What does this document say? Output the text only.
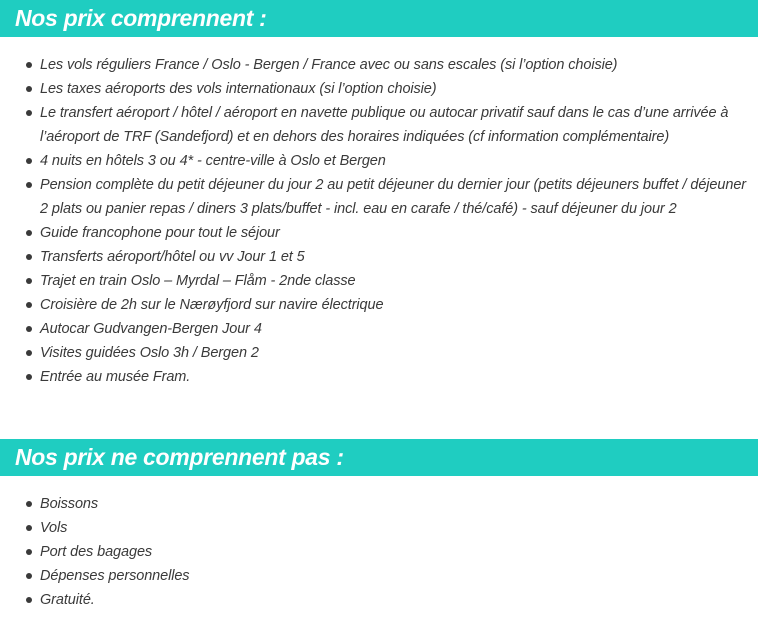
Nos prix comprennent :
Les vols réguliers France / Oslo - Bergen / France avec ou sans escales (si l’option choisie)
Les taxes aéroports des vols internationaux (si l’option choisie)
Le transfert aéroport / hôtel / aéroport en navette publique ou autocar privatif sauf dans le cas d’une arrivée à l’aéroport de TRF (Sandefjord) et en dehors des horaires indiquées (cf information complémentaire)
4 nuits en hôtels 3 ou 4* - centre-ville à Oslo et Bergen
Pension complète du petit déjeuner du jour 2 au petit déjeuner du dernier jour (petits déjeuners buffet / déjeuner 2 plats ou panier repas / diners 3 plats/buffet - incl. eau en carafe / thé/café) - sauf déjeuner du jour 2
Guide francophone pour tout le séjour
Transferts aéroport/hôtel ou vv Jour 1 et 5
Trajet en train Oslo – Myrdal – Flåm - 2nde classe
Croisière de 2h sur le Nærøyfjord sur navire électrique
Autocar Gudvangen-Bergen Jour 4
Visites guidées Oslo 3h / Bergen 2
Entrée au musée Fram.
Nos prix ne comprennent pas :
Boissons
Vols
Port des bagages
Dépenses personnelles
Gratuité.
